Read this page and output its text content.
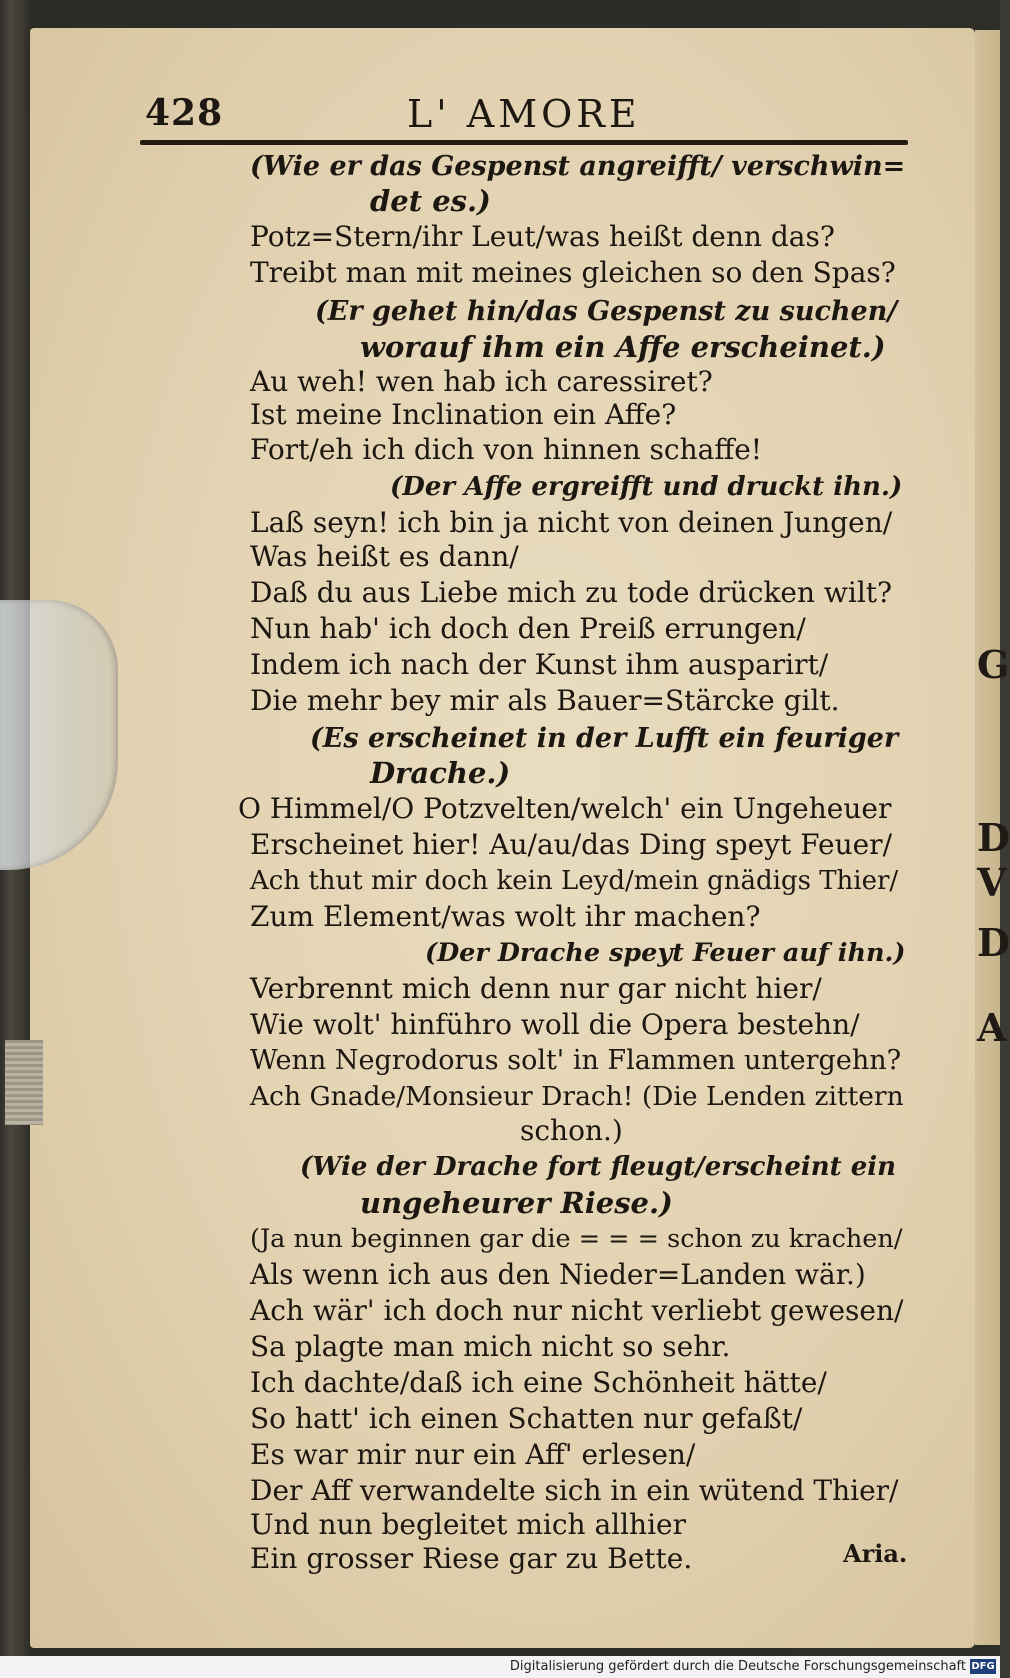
G
D
V
D
A
428	L' AMORE
(Wie er das Gespenst angreifft/ verschwin=
det es.)
Potz=Stern/ihr Leut/was heißt denn das?
Treibt man mit meines gleichen so den Spas?
(Er gehet hin/das Gespenst zu suchen/
worauf ihm ein Affe erscheinet.)
Au weh! wen hab ich caressiret?
Ist meine Inclination ein Affe?
Fort/eh ich dich von hinnen schaffe!
(Der Affe ergreifft und druckt ihn.)
Laß seyn! ich bin ja nicht von deinen Jungen/
Was heißt es dann/
Daß du aus Liebe mich zu tode drücken wilt?
Nun hab' ich doch den Preiß errungen/
Indem ich nach der Kunst ihm ausparirt/
Die mehr bey mir als Bauer=Stärcke gilt.
(Es erscheinet in der Lufft ein feuriger
Drache.)
O Himmel/O Potzvelten/welch' ein Ungeheuer
Erscheinet hier! Au/au/das Ding speyt Feuer/
Ach thut mir doch kein Leyd/mein gnädigs Thier/
Zum Element/was wolt ihr machen?
(Der Drache speyt Feuer auf ihn.)
Verbrennt mich denn nur gar nicht hier/
Wie wolt' hinführo woll die Opera bestehn/
Wenn Negrodorus solt' in Flammen untergehn?
Ach Gnade/Monsieur Drach! (Die Lenden zittern
schon.)
(Wie der Drache fort fleugt/erscheint ein
ungeheurer Riese.)
(Ja nun beginnen gar die = = = schon zu krachen/
Als wenn ich aus den Nieder=Landen wär.)
Ach wär' ich doch nur nicht verliebt gewesen/
Sa plagte man mich nicht so sehr.
Ich dachte/daß ich eine Schönheit hätte/
So hatt' ich einen Schatten nur gefaßt/
Es war mir nur ein Aff' erlesen/
Der Aff verwandelte sich in ein wütend Thier/
Und nun begleitet mich allhier
Ein grosser Riese gar zu Bette.	Aria.
Digitalisierung gefördert durch die Deutsche Forschungsgemeinschaft DFG
